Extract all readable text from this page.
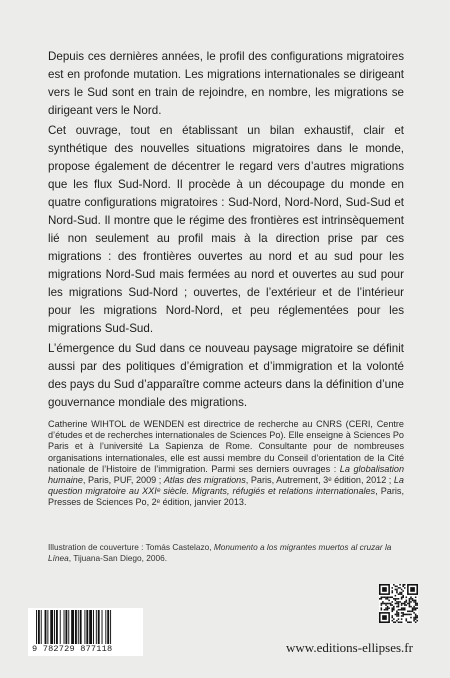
Depuis ces dernières années, le profil des configurations migratoires est en profonde mutation. Les migrations internationales se dirigeant vers le Sud sont en train de rejoindre, en nombre, les migrations se dirigeant vers le Nord.

Cet ouvrage, tout en établissant un bilan exhaustif, clair et synthétique des nouvelles situations migratoires dans le monde, propose également de décentrer le regard vers d’autres migrations que les flux Sud-Nord. Il procède à un découpage du monde en quatre configurations migratoires : Sud-Nord, Nord-Nord, Sud-Sud et Nord-Sud. Il montre que le régime des frontières est intrinsèquement lié non seulement au profil mais à la direction prise par ces migrations : des frontières ouvertes au nord et au sud pour les migrations Nord-Sud mais fermées au nord et ouvertes au sud pour les migrations Sud-Nord ; ouvertes, de l’extérieur et de l’intérieur pour les migrations Nord-Nord, et peu réglementées pour les migrations Sud-Sud.

L’émergence du Sud dans ce nouveau paysage migratoire se définit aussi par des politiques d’émigration et d’immigration et la volonté des pays du Sud d’apparaître comme acteurs dans la définition d’une gouvernance mondiale des migrations.

Catherine WIHTOL de WENDEN est directrice de recherche au CNRS (CERI, Centre d’études et de recherches internationales de Sciences Po). Elle enseigne à Sciences Po Paris et à l’université La Sapienza de Rome. Consultante pour de nombreuses organisations internationales, elle est aussi membre du Conseil d’orientation de la Cité nationale de l’Histoire de l’immigration. Parmi ses derniers ouvrages : La globalisation humaine, Paris, PUF, 2009 ; Atlas des migrations, Paris, Autrement, 3ᵉ édition, 2012 ; La question migratoire au XXIᵉ siècle. Migrants, réfugiés et relations internationales, Paris, Presses de Sciences Po, 2ᵉ édition, janvier 2013.

Illustration de couverture : Tomás Castelazo, Monumento a los migrantes muertos al cruzar la Línea, Tijuana-San Diego, 2006.

9 782729 877118	www.editions-ellipses.fr
